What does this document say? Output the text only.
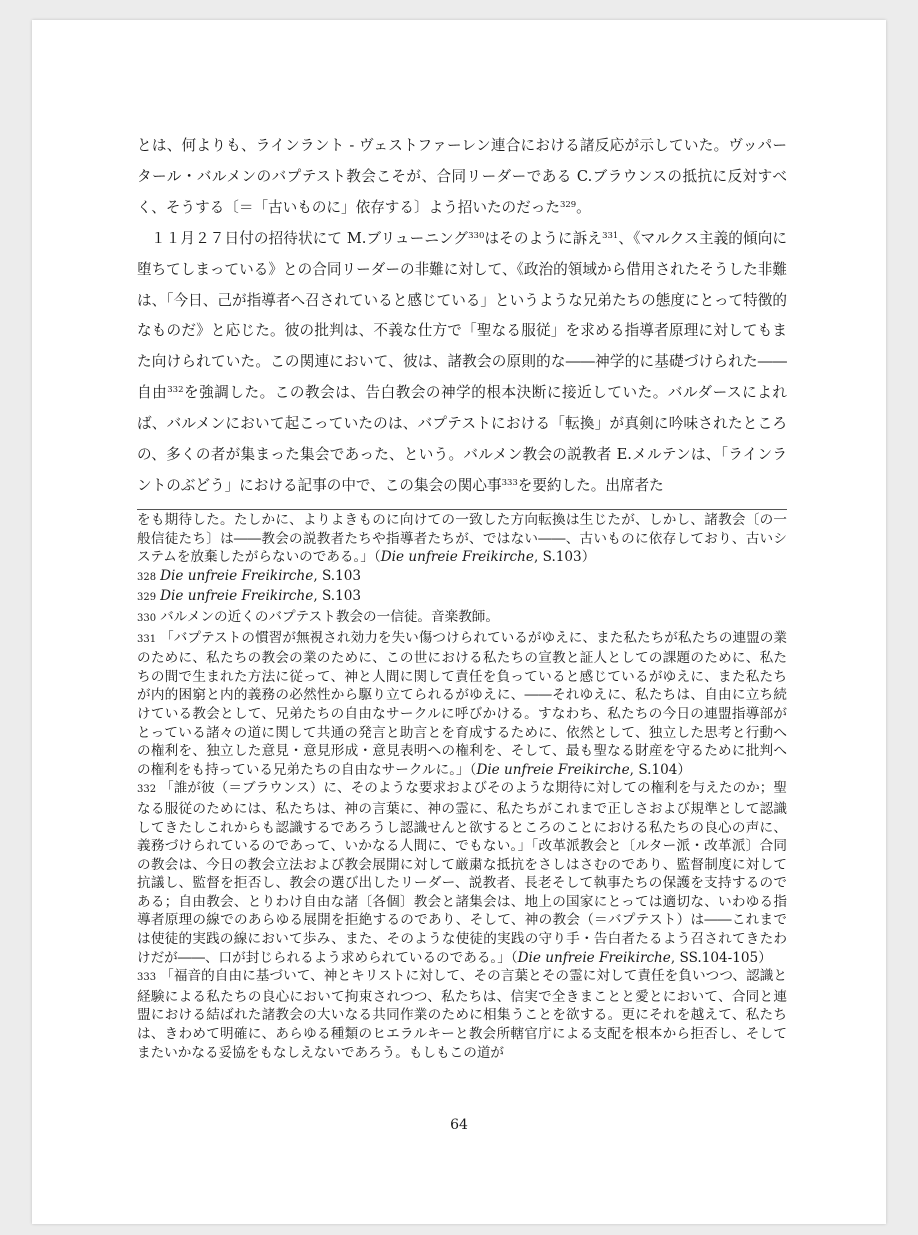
とは、何よりも、ラインラント - ヴェストファーレン連合における諸反応が示していた。ヴッパータール・バルメンのバプテスト教会こそが、合同リーダーである C.ブラウンスの抵抗に反対すべく、そうする〔＝「古いものに」依存する〕よう招いたのだった$^{329}$。

１１月２７日付の招待状にて M.ブリューニング$^{330}$はそのように訴え$^{331}$、《マルクス主義的傾向に堕ちてしまっている》との合同リーダーの非難に対して、《政治的領域から借用されたそうした非難は、「今日、己が指導者へ召されていると感じている」というような兄弟たちの態度にとって特徴的なものだ》と応じた。彼の批判は、不義な仕方で「聖なる服従」を求める指導者原理に対してもまた向けられていた。この関連において、彼は、諸教会の原則的な――神学的に基礎づけられた――自由$^{332}$を強調した。この教会は、告白教会の神学的根本決断に接近していた。バルダースによれば、バルメンにおいて起こっていたのは、バプテストにおける「転換」が真剣に吟味されたところの、多くの者が集まった集会であった、という。バルメン教会の説教者 E.メルテンは、「ラインラントのぶどう」における記事の中で、この集会の関心事$^{333}$を要約した。出席者た

をも期待した。たしかに、よりよきものに向けての一致した方向転換は生じたが、しかし、諸教会〔の一般信徒たち〕は――教会の説教者たちや指導者たちが、ではない――、古いものに依存しており、古いシステムを放棄したがらないのである。」（Die unfreie Freikirche, S.103）

328 Die unfreie Freikirche, S.103

329 Die unfreie Freikirche, S.103

330 バルメンの近くのバプテスト教会の一信徒。音楽教師。

331 「バプテストの慣習が無視され効力を失い傷つけられているがゆえに、また私たちが私たちの連盟の業のために、私たちの教会の業のために、この世における私たちの宣教と証人としての課題のために、私たちの間で生まれた方法に従って、神と人間に関して責任を負っていると感じているがゆえに、また私たちが内的困窮と内的義務の必然性から駆り立てられるがゆえに、――それゆえに、私たちは、自由に立ち続けている教会として、兄弟たちの自由なサークルに呼びかける。すなわち、私たちの今日の連盟指導部がとっている諸々の道に関して共通の発言と助言とを育成するために、依然として、独立した思考と行動への権利を、独立した意見・意見形成・意見表明への権利を、そして、最も聖なる財産を守るために批判への権利をも持っている兄弟たちの自由なサークルに。」（Die unfreie Freikirche, S.104）

332 「誰が彼（＝ブラウンス）に、そのような要求およびそのような期待に対しての権利を与えたのか；聖なる服従のためには、私たちは、神の言葉に、神の霊に、私たちがこれまで正しさおよび規準として認識してきたしこれからも認識するであろうし認識せんと欲するところのことにおける私たちの良心の声に、義務づけられているのであって、いかなる人間に、でもない。」「改革派教会と〔ルター派・改革派〕合同の教会は、今日の教会立法および教会展開に対して厳粛な抵抗をさしはさむのであり、監督制度に対して抗議し、監督を拒否し、教会の選び出したリーダー、説教者、長老そして執事たちの保護を支持するのである；自由教会、とりわけ自由な諸〔各個〕教会と諸集会は、地上の国家にとっては適切な、いわゆる指導者原理の線でのあらゆる展開を拒絶するのであり、そして、神の教会（＝バプテスト）は――これまでは使徒的実践の線において歩み、また、そのような使徒的実践の守り手・告白者たるよう召されてきたわけだが――、口が封じられるよう求められているのである。」（Die unfreie Freikirche, SS.104-105）

333 「福音的自由に基づいて、神とキリストに対して、その言葉とその霊に対して責任を負いつつ、認識と経験による私たちの良心において拘束されつつ、私たちは、信実で全きまことと愛とにおいて、合同と連盟における結ばれた諸教会の大いなる共同作業のために相集うことを欲する。更にそれを越えて、私たちは、きわめて明確に、あらゆる種類のヒエラルキーと教会所轄官庁による支配を根本から拒否し、そしてまたいかなる妥協をもなしえないであろう。もしもこの道が

64
